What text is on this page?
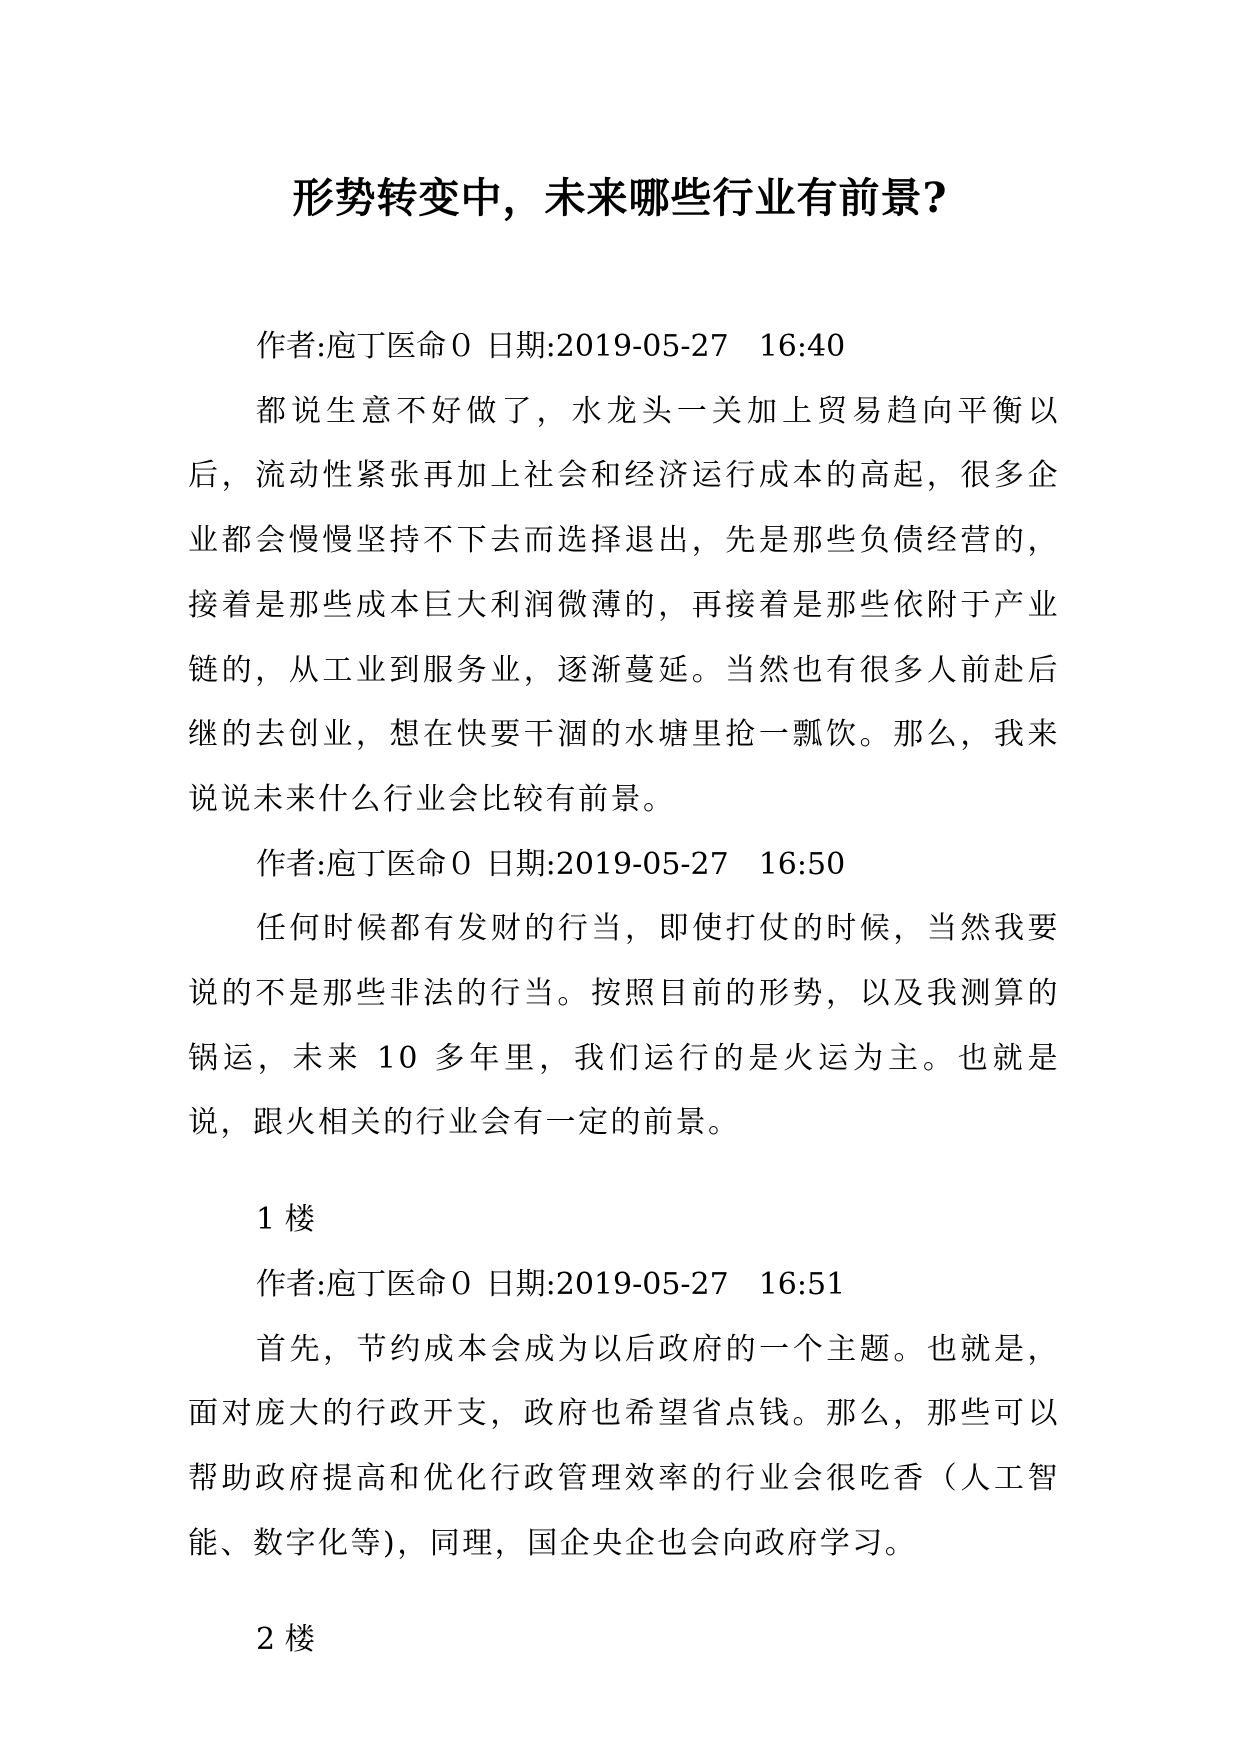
形势转变中，未来哪些行业有前景?

作者:庖丁医命０ 日期:2019-05-27　16:40

都说生意不好做了，水龙头一关加上贸易趋向平衡以后，流动性紧张再加上社会和经济运行成本的高起，很多企业都会慢慢坚持不下去而选择退出，先是那些负债经营的，接着是那些成本巨大利润微薄的，再接着是那些依附于产业链的，从工业到服务业，逐渐蔓延。当然也有很多人前赴后继的去创业，想在快要干涸的水塘里抢一瓢饮。那么，我来说说未来什么行业会比较有前景。

作者:庖丁医命０ 日期:2019-05-27　16:50

任何时候都有发财的行当，即使打仗的时候，当然我要说的不是那些非法的行当。按照目前的形势，以及我测算的锅运，未来 10 多年里，我们运行的是火运为主。也就是说，跟火相关的行业会有一定的前景。

1 楼

作者:庖丁医命０ 日期:2019-05-27　16:51

首先，节约成本会成为以后政府的一个主题。也就是，面对庞大的行政开支，政府也希望省点钱。那么，那些可以帮助政府提高和优化行政管理效率的行业会很吃香（人工智能、数字化等)，同理，国企央企也会向政府学习。

2 楼
